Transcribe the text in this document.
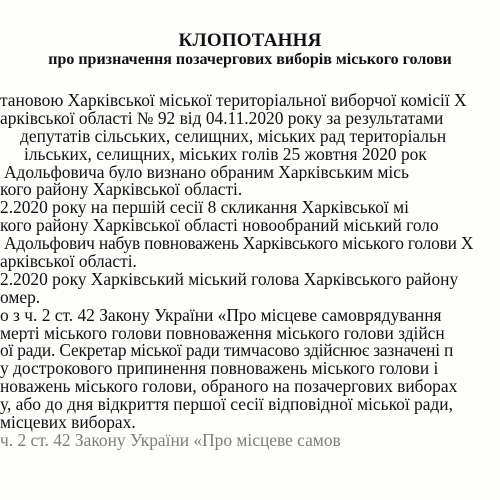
КЛОПОТАННЯ
про призначення позачергових виборів міського голови
тановою Харківської міської територіальної виборчої комісії Х
арківської області № 92 від 04.11.2020 року за результатами
депутатів сільських, селищних, міських рад територіальн
ільських, селищних, міських голів 25 жовтня 2020 рок
Адольфовича було визнано обраним Харківським місь
кого району Харківської області.
2.2020 року на першій сесії 8 скликання Харківської мі
кого району Харківської області новообраний міський голо
Адольфович набув повноважень Харківського міського голови Х
арківської області.
2.2020 року Харківський міський голова Харківського району
омер.
о з ч. 2 ст. 42 Закону України «Про місцеве самоврядування
мерті міського голови повноваження міського голови здійсн
ої ради. Секретар міської ради тимчасово здійснює зазначені п
у дострокового припинення повноважень міського голови і
новажень міського голови, обраного на позачергових виборах
у, або до дня відкриття першої сесії відповідної міської ради,
місцевих виборах.
ч. 2 ст. 42 Закону України «Про місцеве самов
